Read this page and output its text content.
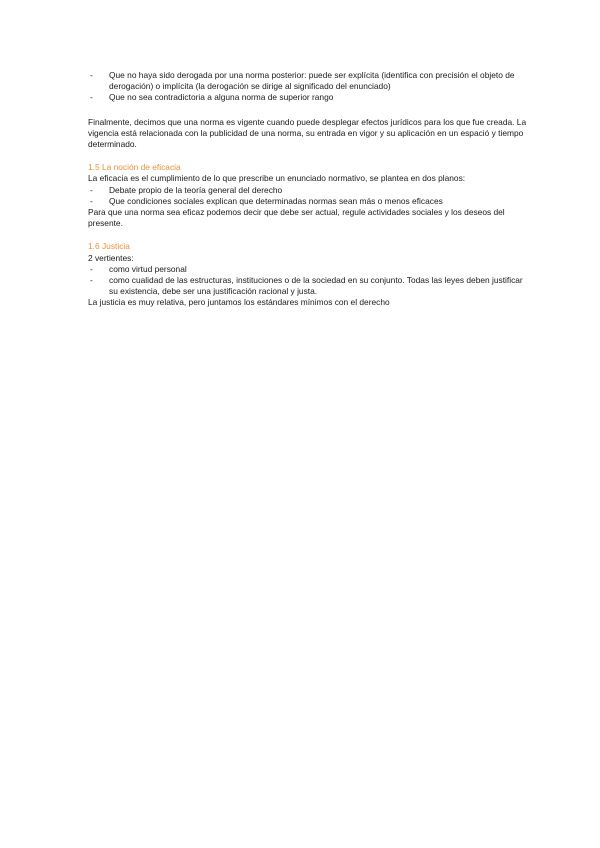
- Que no haya sido derogada por una norma posterior: puede ser explícita (identifica con precisión el objeto de derogación) o implícita (la derogación se dirige al significado del enunciado)
- Que no sea contradictoria a alguna norma de superior rango

Finalmente, decimos que una norma es vigente cuando puede desplegar efectos jurídicos para los que fue creada. La vigencia está relacionada con la publicidad de una norma, su entrada en vigor y su aplicación en un espació y tiempo determinado.

1.5 La noción de eficacia

La eficacia es el cumplimiento de lo que prescribe un enunciado normativo, se plantea en dos planos:

- Debate propio de la teoría general del derecho
- Que condiciones sociales explican que determinadas normas sean más o menos eficaces

Para que una norma sea eficaz podemos decir que debe ser actual, regule actividades sociales y los deseos del presente.

1.6 Justicia

2 vertientes:

- como virtud personal
- como cualidad de las estructuras, instituciones o de la sociedad en su conjunto. Todas las leyes deben justificar su existencia, debe ser una justificación racional y justa.

La justicia es muy relativa, pero juntamos los estándares mínimos con el derecho
